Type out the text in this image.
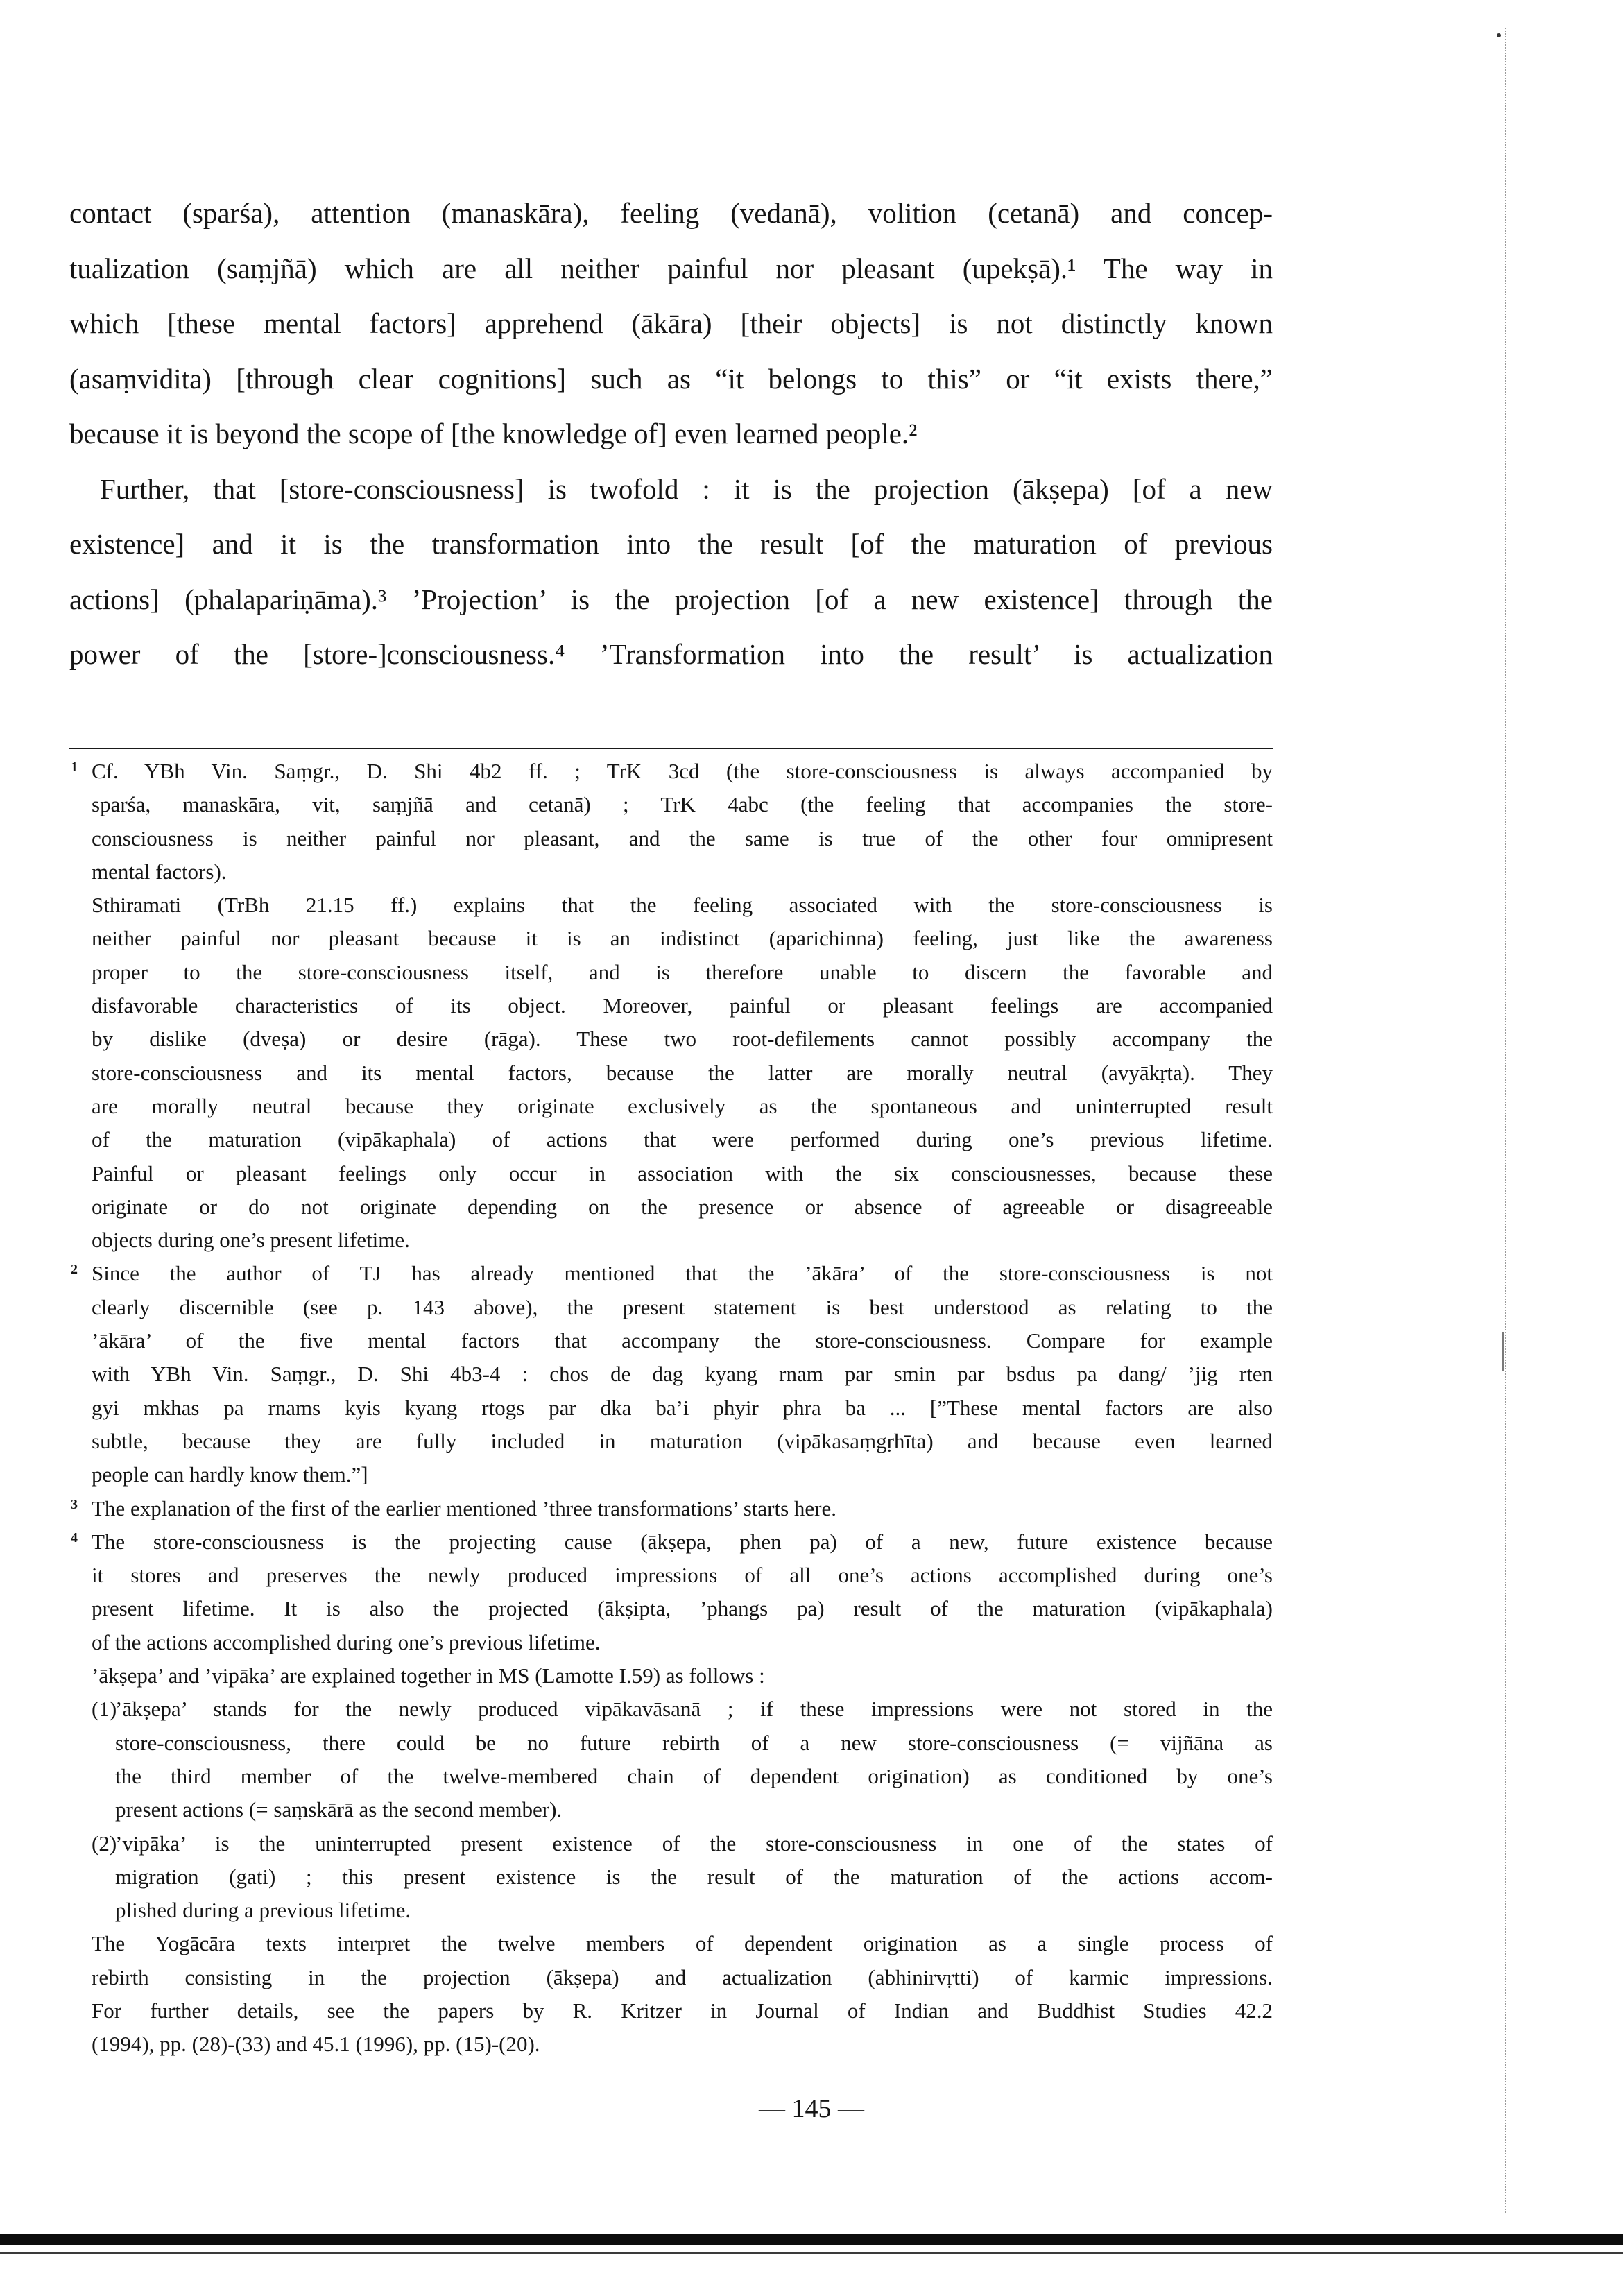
contact (sparśa), attention (manaskāra), feeling (vedanā), volition (cetanā) and concep-
tualization (saṃjñā) which are all neither painful nor pleasant (upekṣā).¹ The way in
which [these mental factors] apprehend (ākāra) [their objects] is not distinctly known
(asaṃvidita) [through clear cognitions] such as “it belongs to this” or “it exists there,”
because it is beyond the scope of [the knowledge of] even learned people.²
Further, that [store-consciousness] is twofold : it is the projection (ākṣepa) [of a new
existence] and it is the transformation into the result [of the maturation of previous
actions] (phalapariṇāma).³ ’Projection’ is the projection [of a new existence] through the
power of the [store-]consciousness.⁴ ’Transformation into the result’ is actualization
1 Cf. YBh Vin. Saṃgr., D. Shi 4b2 ff. ; TrK 3cd (the store-consciousness is always accompanied by
sparśa, manaskāra, vit, saṃjñā and cetanā) ; TrK 4abc (the feeling that accompanies the store-
consciousness is neither painful nor pleasant, and the same is true of the other four omnipresent
mental factors).
Sthiramati (TrBh 21.15 ff.) explains that the feeling associated with the store-consciousness is
neither painful nor pleasant because it is an indistinct (aparichinna) feeling, just like the awareness
proper to the store-consciousness itself, and is therefore unable to discern the favorable and
disfavorable characteristics of its object. Moreover, painful or pleasant feelings are accompanied
by dislike (dveṣa) or desire (rāga). These two root-defilements cannot possibly accompany the
store-consciousness and its mental factors, because the latter are morally neutral (avyākṛta). They
are morally neutral because they originate exclusively as the spontaneous and uninterrupted result
of the maturation (vipākaphala) of actions that were performed during one’s previous lifetime.
Painful or pleasant feelings only occur in association with the six consciousnesses, because these
originate or do not originate depending on the presence or absence of agreeable or disagreeable
objects during one’s present lifetime.
2 Since the author of TJ has already mentioned that the ’ākāra’ of the store-consciousness is not
clearly discernible (see p. 143 above), the present statement is best understood as relating to the
’ākāra’ of the five mental factors that accompany the store-consciousness. Compare for example
with YBh Vin. Saṃgr., D. Shi 4b3-4 : chos de dag kyang rnam par smin par bsdus pa dang/ ’jig rten
gyi mkhas pa rnams kyis kyang rtogs par dka ba’i phyir phra ba ... [”These mental factors are also
subtle, because they are fully included in maturation (vipākasaṃgṛhīta) and because even learned
people can hardly know them.”]
3 The explanation of the first of the earlier mentioned ’three transformations’ starts here.
4 The store-consciousness is the projecting cause (ākṣepa, phen pa) of a new, future existence because
it stores and preserves the newly produced impressions of all one’s actions accomplished during one’s
present lifetime. It is also the projected (ākṣipta, ’phangs pa) result of the maturation (vipākaphala)
of the actions accomplished during one’s previous lifetime.
’ākṣepa’ and ’vipāka’ are explained together in MS (Lamotte I.59) as follows :
(1)
’ākṣepa’ stands for the newly produced vipākavāsanā ; if these impressions were not stored in the
store-consciousness, there could be no future rebirth of a new store-consciousness (= vijñāna as
the third member of the twelve-membered chain of dependent origination) as conditioned by one’s
present actions (= saṃskārā as the second member).
(2)
’vipāka’ is the uninterrupted present existence of the store-consciousness in one of the states of
migration (gati) ; this present existence is the result of the maturation of the actions accom-
plished during a previous lifetime.
The Yogācāra texts interpret the twelve members of dependent origination as a single process of
rebirth consisting in the projection (ākṣepa) and actualization (abhinirvṛtti) of karmic impressions.
For further details, see the papers by R. Kritzer in Journal of Indian and Buddhist Studies 42.2
(1994), pp. (28)-(33) and 45.1 (1996), pp. (15)-(20).
— 145 —
